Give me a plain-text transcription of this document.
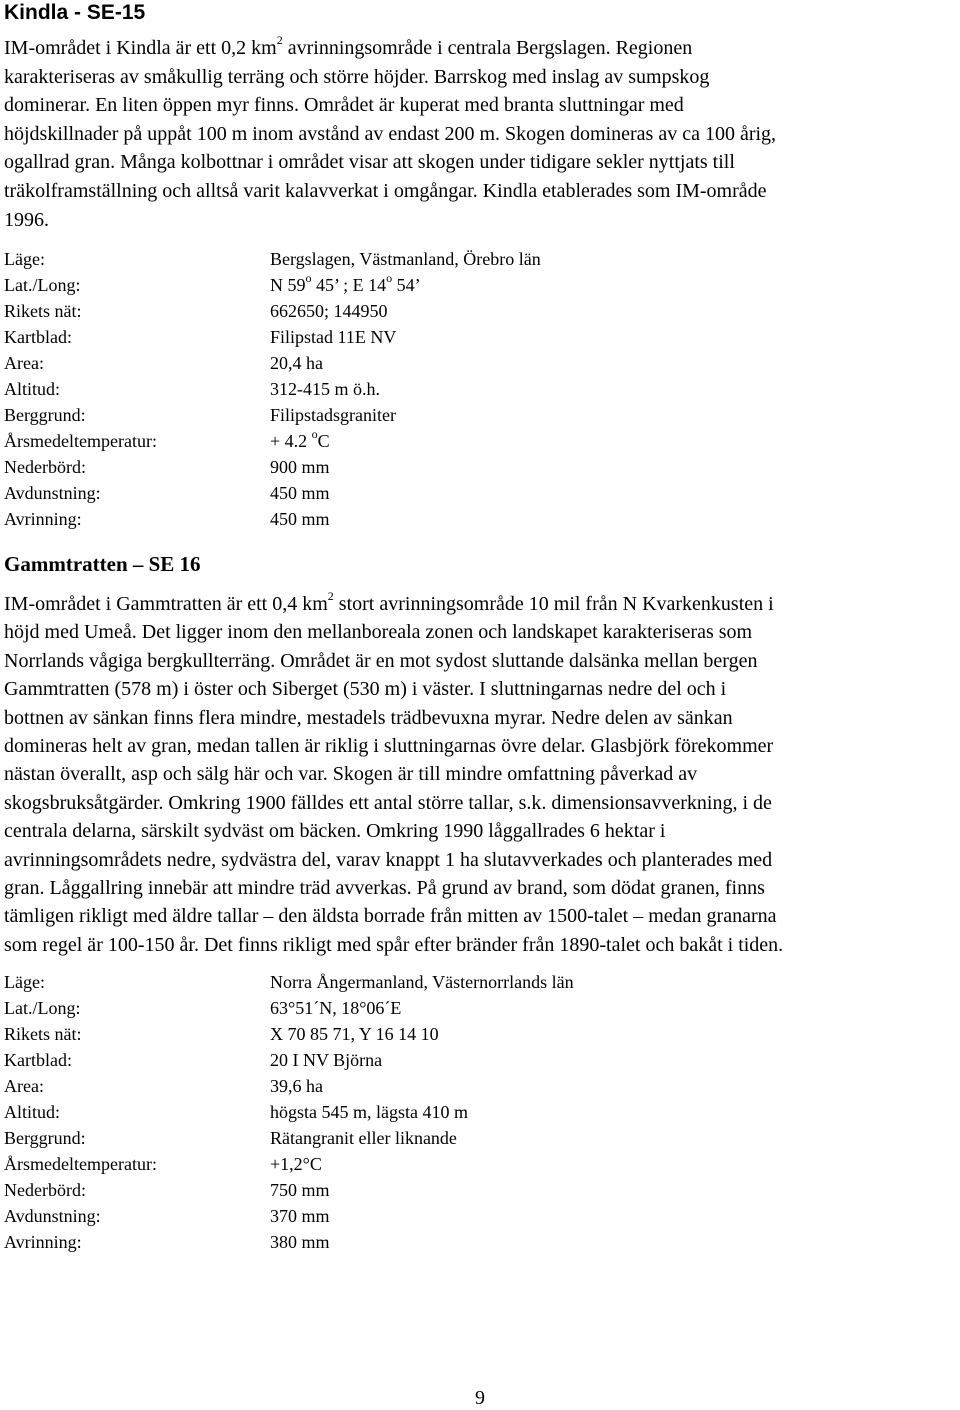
Kindla - SE-15
IM-området i Kindla är ett 0,2 $km^2$ avrinningsområde i centrala Bergslagen. Regionen
karakteriseras av småkullig terräng och större höjder. Barrskog med inslag av sumpskog
dominerar. En liten öppen myr finns. Området är kuperat med branta sluttningar med
höjdskillnader på uppåt 100 m inom avstånd av endast 200 m. Skogen domineras av ca 100 årig,
ogallrad gran. Många kolbottnar i området visar att skogen under tidigare sekler nyttjats till
träkolframställning och alltså varit kalavverkat i omgångar. Kindla etablerades som IM-område
1996.
Läge:	Bergslagen, Västmanland, Örebro län
Lat./Long:	N 59$^o$ 45’ ; E 14$^o$ 54’
Rikets nät:	662650; 144950
Kartblad:	Filipstad 11E NV
Area:	20,4 ha
Altitud:	312-415 m ö.h.
Berggrund:	Filipstadsgraniter
Årsmedeltemperatur:	+ 4.2 $^o$C
Nederbörd:	900 mm
Avdunstning:	450 mm
Avrinning:	450 mm
Gammtratten – SE 16
IM-området i Gammtratten är ett 0,4 $km^2$ stort avrinningsområde 10 mil från N Kvarkenkusten i
höjd med Umeå. Det ligger inom den mellanboreala zonen och landskapet karakteriseras som
Norrlands vågiga bergkullterräng. Området är en mot sydost sluttande dalsänka mellan bergen
Gammtratten (578 m) i öster och Siberget (530 m) i väster. I sluttningarnas nedre del och i
bottnen av sänkan finns flera mindre, mestadels trädbevuxna myrar. Nedre delen av sänkan
domineras helt av gran, medan tallen är riklig i sluttningarnas övre delar. Glasbjörk förekommer
nästan överallt, asp och sälg här och var. Skogen är till mindre omfattning påverkad av
skogsbruksåtgärder. Omkring 1900 fälldes ett antal större tallar, s.k. dimensionsavverkning, i de
centrala delarna, särskilt sydväst om bäcken. Omkring 1990 låggallrades 6 hektar i
avrinningsområdets nedre, sydvästra del, varav knappt 1 ha slutavverkades och planterades med
gran. Låggallring innebär att mindre träd avverkas. På grund av brand, som dödat granen, finns
tämligen rikligt med äldre tallar – den äldsta borrade från mitten av 1500-talet – medan granarna
som regel är 100-150 år. Det finns rikligt med spår efter bränder från 1890-talet och bakåt i tiden.
Läge:	Norra Ångermanland, Västernorrlands län
Lat./Long:	63°51´N, 18°06´E
Rikets nät:	X 70 85 71, Y 16 14 10
Kartblad:	20 I NV Björna
Area:	39,6 ha
Altitud:	högsta 545 m, lägsta 410 m
Berggrund:	Rätangranit eller liknande
Årsmedeltemperatur:	+1,2°C
Nederbörd:	750 mm
Avdunstning:	370 mm
Avrinning:	380 mm
9
